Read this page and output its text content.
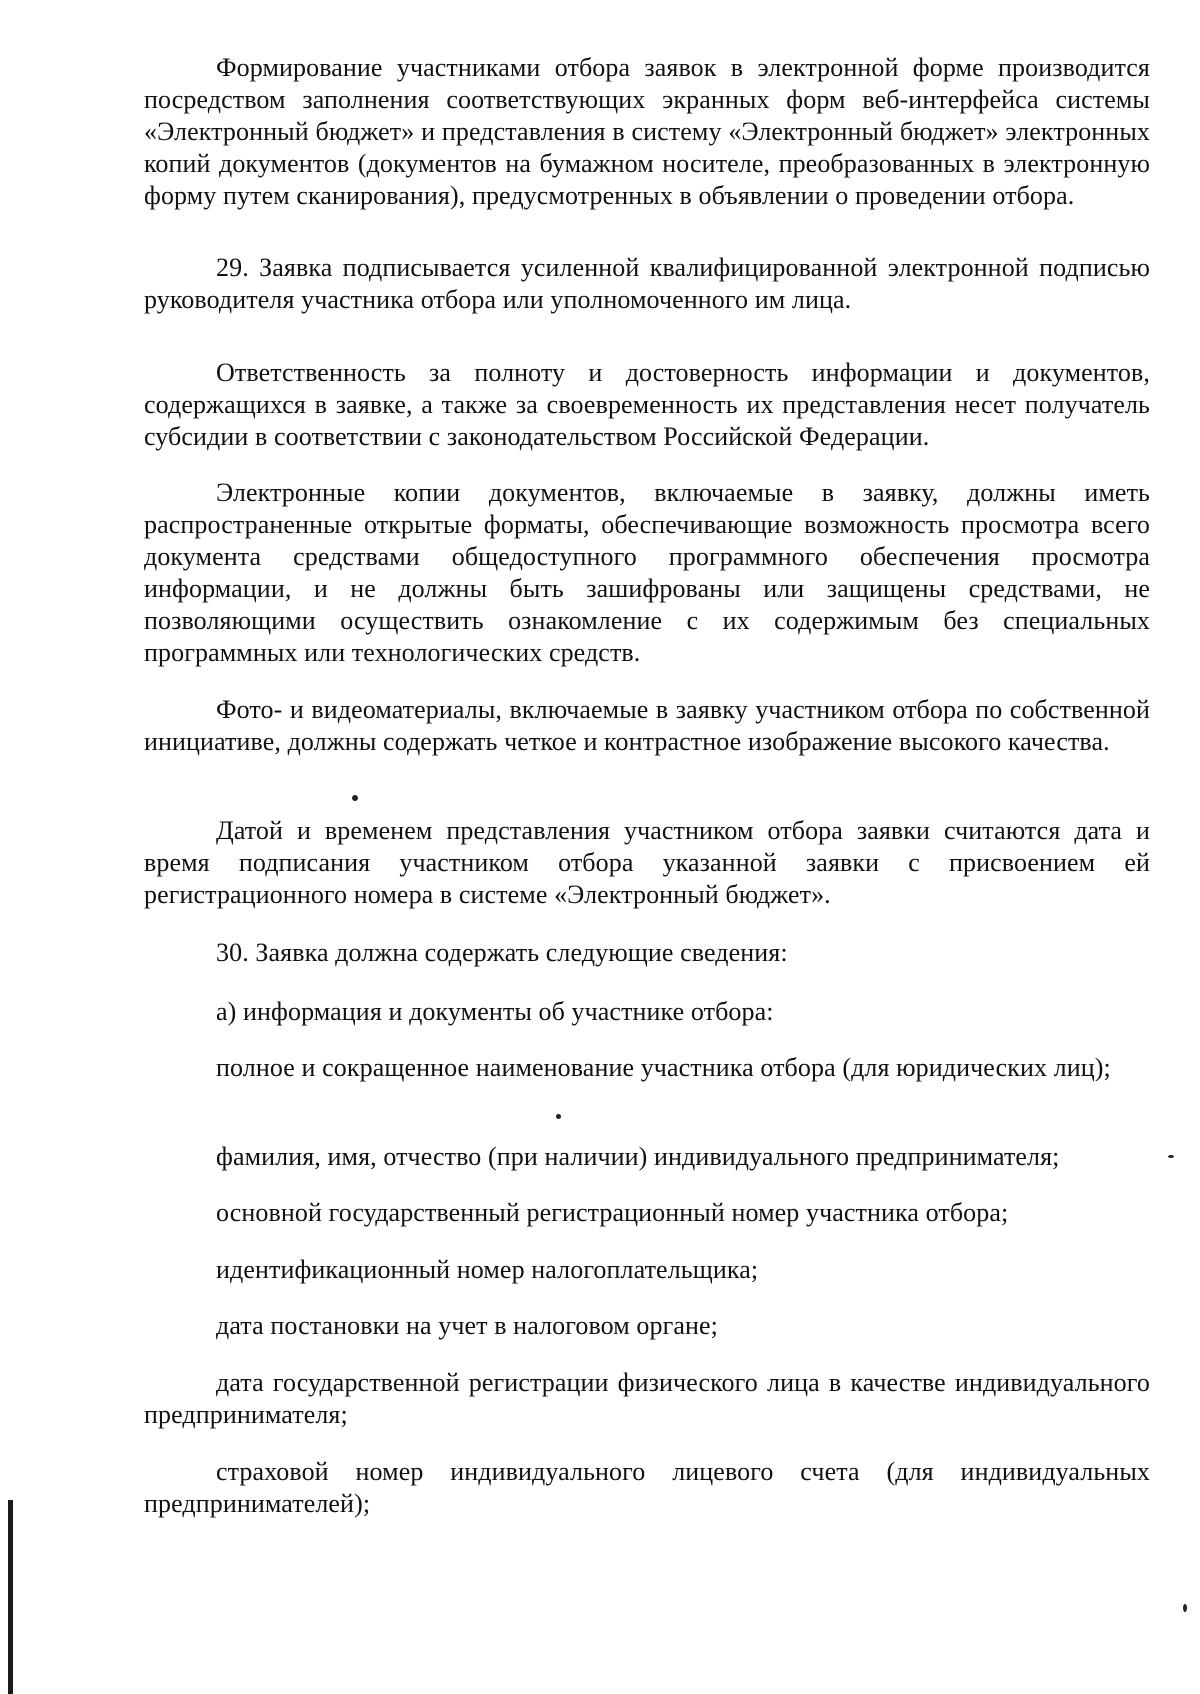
Формирование участниками отбора заявок в электронной форме производится посредством заполнения соответствующих экранных форм веб-интерфейса системы «Электронный бюджет» и представления в систему «Электронный бюджет» электронных копий документов (документов на бумажном носителе, преобразованных в электронную форму путем сканирования), предусмотренных в объявлении о проведении отбора.

29. Заявка подписывается усиленной квалифицированной электронной подписью руководителя участника отбора или уполномоченного им лица.

Ответственность за полноту и достоверность информации и документов, содержащихся в заявке, а также за своевременность их представления несет получатель субсидии в соответствии с законодательством Российской Федерации.

Электронные копии документов, включаемые в заявку, должны иметь распространенные открытые форматы, обеспечивающие возможность просмотра всего документа средствами общедоступного программного обеспечения просмотра информации, и не должны быть зашифрованы или защищены средствами, не позволяющими осуществить ознакомление с их содержимым без специальных программных или технологических средств.

Фото- и видеоматериалы, включаемые в заявку участником отбора по собственной инициативе, должны содержать четкое и контрастное изображение высокого качества.

Датой и временем представления участником отбора заявки считаются дата и время подписания участником отбора указанной заявки с присвоением ей регистрационного номера в системе «Электронный бюджет».

30. Заявка должна содержать следующие сведения:

а) информация и документы об участнике отбора:

полное и сокращенное наименование участника отбора (для юридических лиц);

фамилия, имя, отчество (при наличии) индивидуального предпринимателя;

основной государственный регистрационный номер участника отбора;

идентификационный номер налогоплательщика;

дата постановки на учет в налоговом органе;

дата государственной регистрации физического лица в качестве индивидуального предпринимателя;

страховой номер индивидуального лицевого счета (для индивидуальных предпринимателей);
